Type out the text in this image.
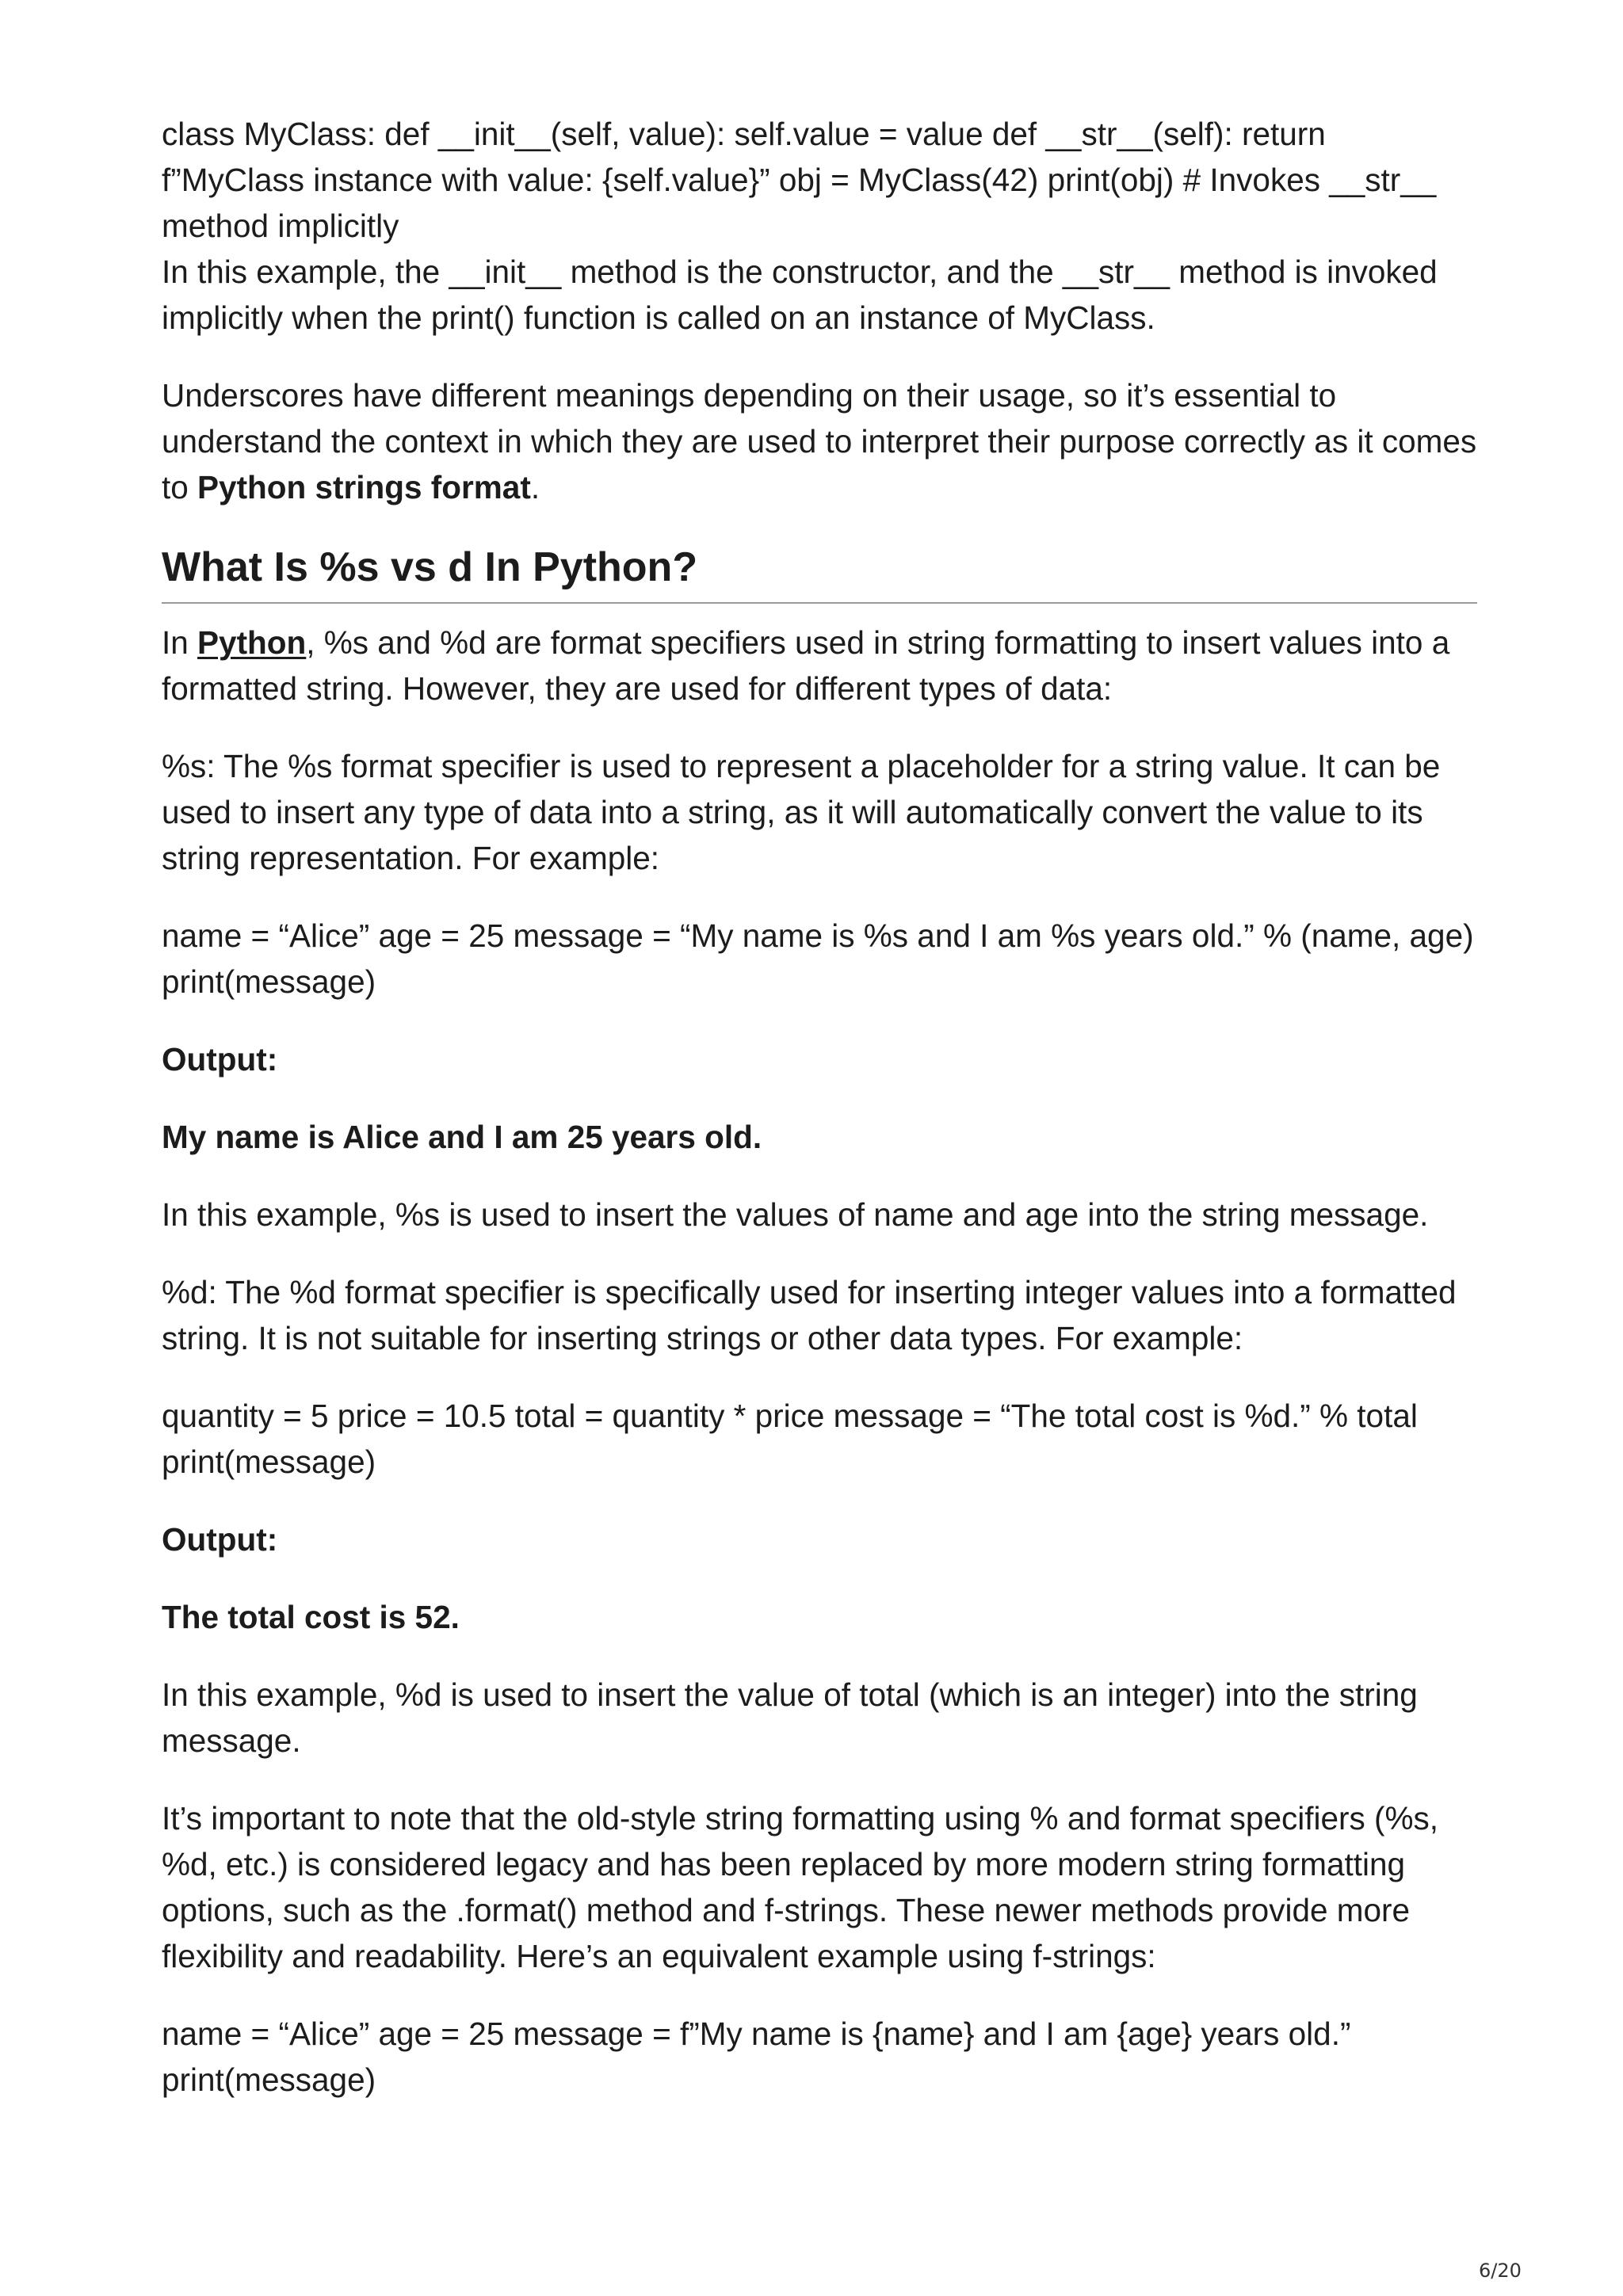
class MyClass: def __init__(self, value): self.value = value def __str__(self): return f”MyClass instance with value: {self.value}” obj = MyClass(42) print(obj) # Invokes __str__ method implicitly

In this example, the __init__ method is the constructor, and the __str__ method is invoked implicitly when the print() function is called on an instance of MyClass.

Underscores have different meanings depending on their usage, so it’s essential to understand the context in which they are used to interpret their purpose correctly as it comes to Python strings format.

What Is %s vs d In Python?

In Python, %s and %d are format specifiers used in string formatting to insert values into a formatted string. However, they are used for different types of data:

%s: The %s format specifier is used to represent a placeholder for a string value. It can be used to insert any type of data into a string, as it will automatically convert the value to its string representation. For example:

name = “Alice” age = 25 message = “My name is %s and I am %s years old.” % (name, age) print(message)

Output:

My name is Alice and I am 25 years old.

In this example, %s is used to insert the values of name and age into the string message.

%d: The %d format specifier is specifically used for inserting integer values into a formatted string. It is not suitable for inserting strings or other data types. For example:

quantity = 5 price = 10.5 total = quantity * price message = “The total cost is %d.” % total print(message)

Output:

The total cost is 52.

In this example, %d is used to insert the value of total (which is an integer) into the string message.

It’s important to note that the old-style string formatting using % and format specifiers (%s, %d, etc.) is considered legacy and has been replaced by more modern string formatting options, such as the .format() method and f-strings. These newer methods provide more flexibility and readability. Here’s an equivalent example using f-strings:

name = “Alice” age = 25 message = f”My name is {name} and I am {age} years old.” print(message)

6/20
